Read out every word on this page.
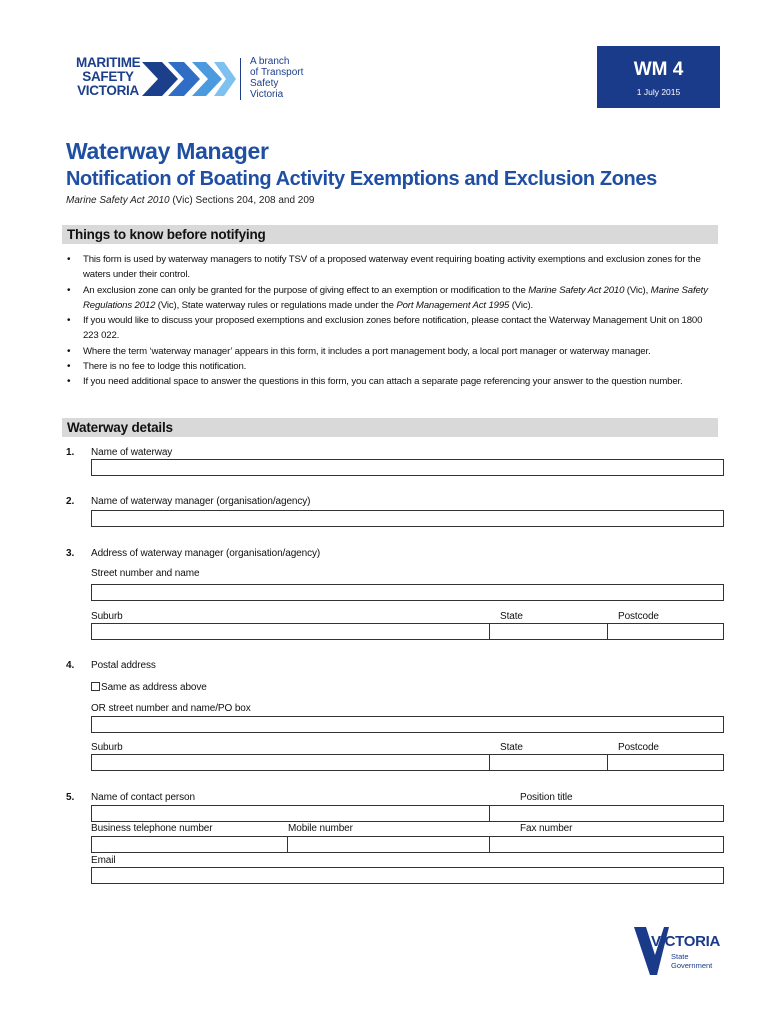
MARITIME
SAFETY
VICTORIA
A branch
of Transport
Safety
Victoria
WM 4
1 July 2015
Waterway Manager
Notification of Boating Activity Exemptions and Exclusion Zones
Marine Safety Act 2010 (Vic) Sections 204, 208 and 209
Things to know before notifying
• This form is used by waterway managers to notify TSV of a proposed waterway event requiring boating activity exemptions and exclusion zones for the waters under their control.
• An exclusion zone can only be granted for the purpose of giving effect to an exemption or modification to the Marine Safety Act 2010 (Vic), Marine Safety Regulations 2012 (Vic), State waterway rules or regulations made under the Port Management Act 1995 (Vic).
• If you would like to discuss your proposed exemptions and exclusion zones before notification, please contact the Waterway Management Unit on 1800 223 022.
• Where the term ‘waterway manager’ appears in this form, it includes a port management body, a local port manager or waterway manager.
• There is no fee to lodge this notification.
• If you need additional space to answer the questions in this form, you can attach a separate page referencing your answer to the question number.
Waterway details
1. Name of waterway
2. Name of waterway manager (organisation/agency)
3. Address of waterway manager (organisation/agency)
Street number and name
Suburb	State	Postcode
4. Postal address
Same as address above
OR street number and name/PO box
Suburb	State	Postcode
5. Name of contact person	Position title
Business telephone number	Mobile number	Fax number
Email
VICTORIA
State
Government
